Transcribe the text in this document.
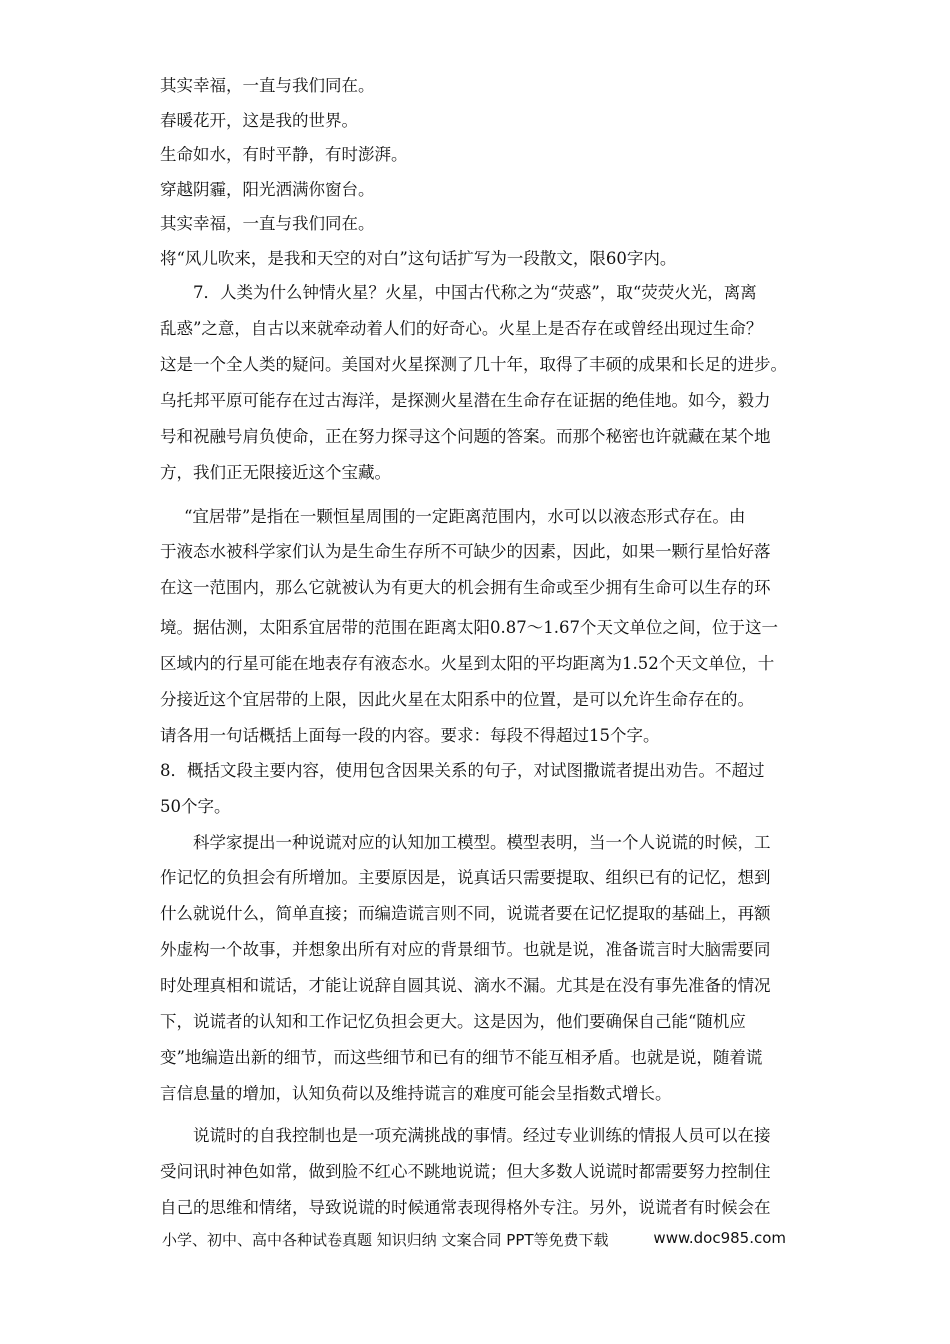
其实幸福，一直与我们同在。
春暖花开，这是我的世界。
生命如水，有时平静，有时澎湃。
穿越阴霾，阳光洒满你窗台。
其实幸福，一直与我们同在。
将“风儿吹来，是我和天空的对白”这句话扩写为一段散文，限60字内。
7．人类为什么钟情火星？火星，中国古代称之为“荧惑”，取“荧荧火光，离离
乱惑”之意，自古以来就牵动着人们的好奇心。火星上是否存在或曾经出现过生命？
这是一个全人类的疑问。美国对火星探测了几十年，取得了丰硕的成果和长足的进步。
乌托邦平原可能存在过古海洋，是探测火星潜在生命存在证据的绝佳地。如今，毅力
号和祝融号肩负使命，正在努力探寻这个问题的答案。而那个秘密也许就藏在某个地
方，我们正无限接近这个宝藏。
“宜居带”是指在一颗恒星周围的一定距离范围内，水可以以液态形式存在。由
于液态水被科学家们认为是生命生存所不可缺少的因素，因此，如果一颗行星恰好落
在这一范围内，那么它就被认为有更大的机会拥有生命或至少拥有生命可以生存的环
境。据估测，太阳系宜居带的范围在距离太阳0.87～1.67个天文单位之间，位于这一
区域内的行星可能在地表存有液态水。火星到太阳的平均距离为1.52个天文单位，十
分接近这个宜居带的上限，因此火星在太阳系中的位置，是可以允许生命存在的。
请各用一句话概括上面每一段的内容。要求：每段不得超过15个字。
8．概括文段主要内容，使用包含因果关系的句子，对试图撒谎者提出劝告。不超过
50个字。
科学家提出一种说谎对应的认知加工模型。模型表明，当一个人说谎的时候，工
作记忆的负担会有所增加。主要原因是，说真话只需要提取、组织已有的记忆，想到
什么就说什么，简单直接；而编造谎言则不同，说谎者要在记忆提取的基础上，再额
外虚构一个故事，并想象出所有对应的背景细节。也就是说，准备谎言时大脑需要同
时处理真相和谎话，才能让说辞自圆其说、滴水不漏。尤其是在没有事先准备的情况
下，说谎者的认知和工作记忆负担会更大。这是因为，他们要确保自己能“随机应
变”地编造出新的细节，而这些细节和已有的细节不能互相矛盾。也就是说，随着谎
言信息量的增加，认知负荷以及维持谎言的难度可能会呈指数式增长。
说谎时的自我控制也是一项充满挑战的事情。经过专业训练的情报人员可以在接
受问讯时神色如常，做到脸不红心不跳地说谎；但大多数人说谎时都需要努力控制住
自己的思维和情绪，导致说谎的时候通常表现得格外专注。另外，说谎者有时候会在
小学、初中、高中各种试卷真题 知识归纳 文案合同 PPT等免费下载	www.doc985.com
